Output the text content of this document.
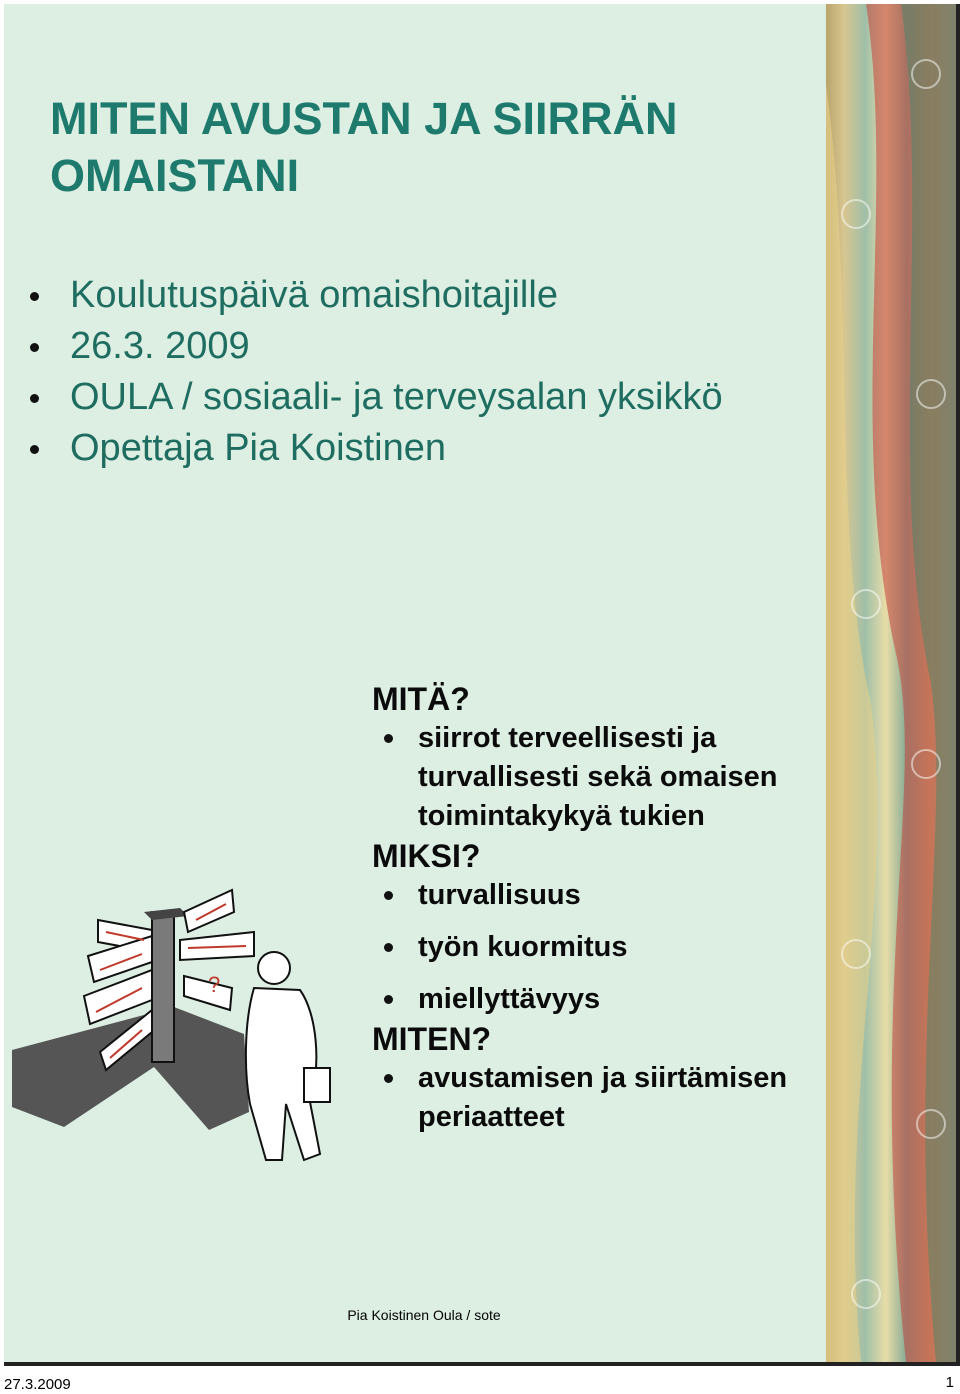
MITEN AVUSTAN JA SIIRRÄN
OMAISTANI
Koulutuspäivä omaishoitajille
26.3. 2009
OULA / sosiaali- ja terveysalan yksikkö
Opettaja Pia Koistinen
?

MITÄ?

siirrot terveellisesti ja turvallisesti sekä omaisen toimintakykyä tukien

MIKSI?

turvallisuus
työn kuormitus
miellyttävyys

MITEN?

avustamisen ja siirtämisen periaatteet
Pia Koistinen Oula / sote
27.3.2009	1
